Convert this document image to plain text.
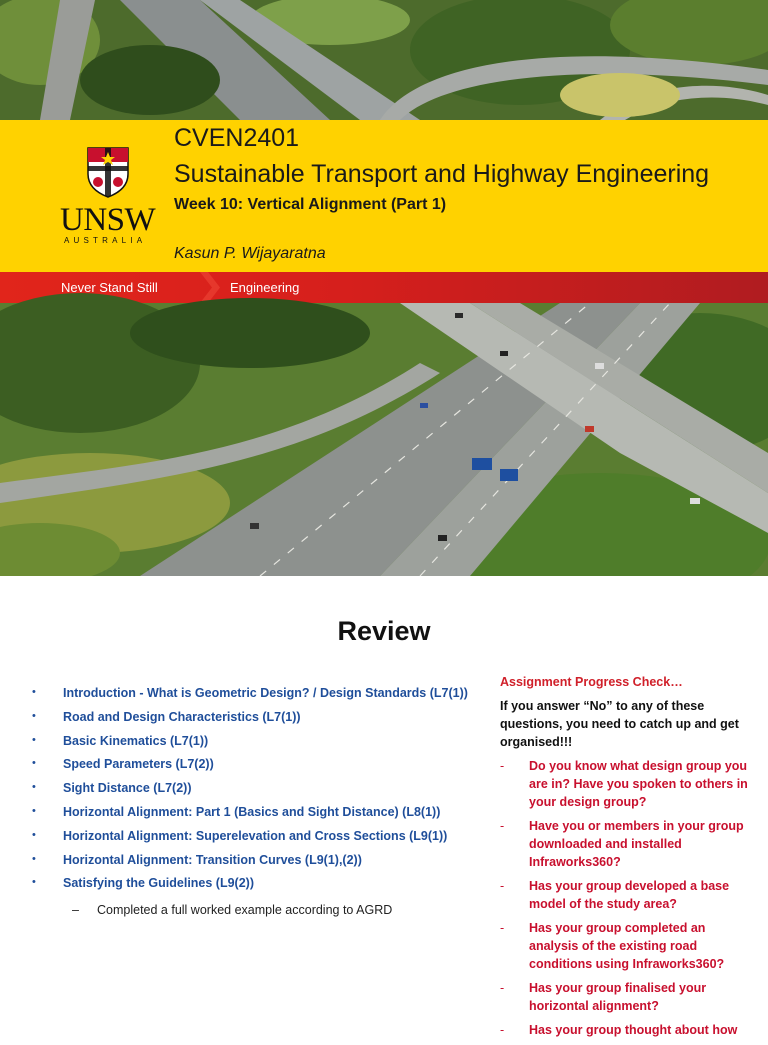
UNSW
AUSTRALIA
CVEN2401
Sustainable Transport and Highway Engineering
Week 10: Vertical Alignment (Part 1)
Kasun P. Wijayaratna
Never Stand Still	Engineering
Review
• Introduction - What is Geometric Design? / Design Standards (L7(1))
• Road and Design Characteristics (L7(1))
• Basic Kinematics (L7(1))
• Speed Parameters (L7(2))
• Sight Distance (L7(2))
• Horizontal Alignment: Part 1 (Basics and Sight Distance) (L8(1))
• Horizontal Alignment: Superelevation and Cross Sections (L9(1))
• Horizontal Alignment: Transition Curves (L9(1),(2))
• Satisfying the Guidelines (L9(2))
– Completed a full worked example according to AGRD
Assignment Progress Check…
If you answer “No” to any of these questions, you need to catch up and get organised!!!
- Do you know what design group you are in? Have you spoken to others in your design group?
- Have you or members in your group downloaded and installed Infraworks360?
- Has your group developed a base model of the study area?
- Has your group completed an analysis of the existing road conditions using Infraworks360?
- Has your group finalised your horizontal alignment?
- Has your group thought about how
